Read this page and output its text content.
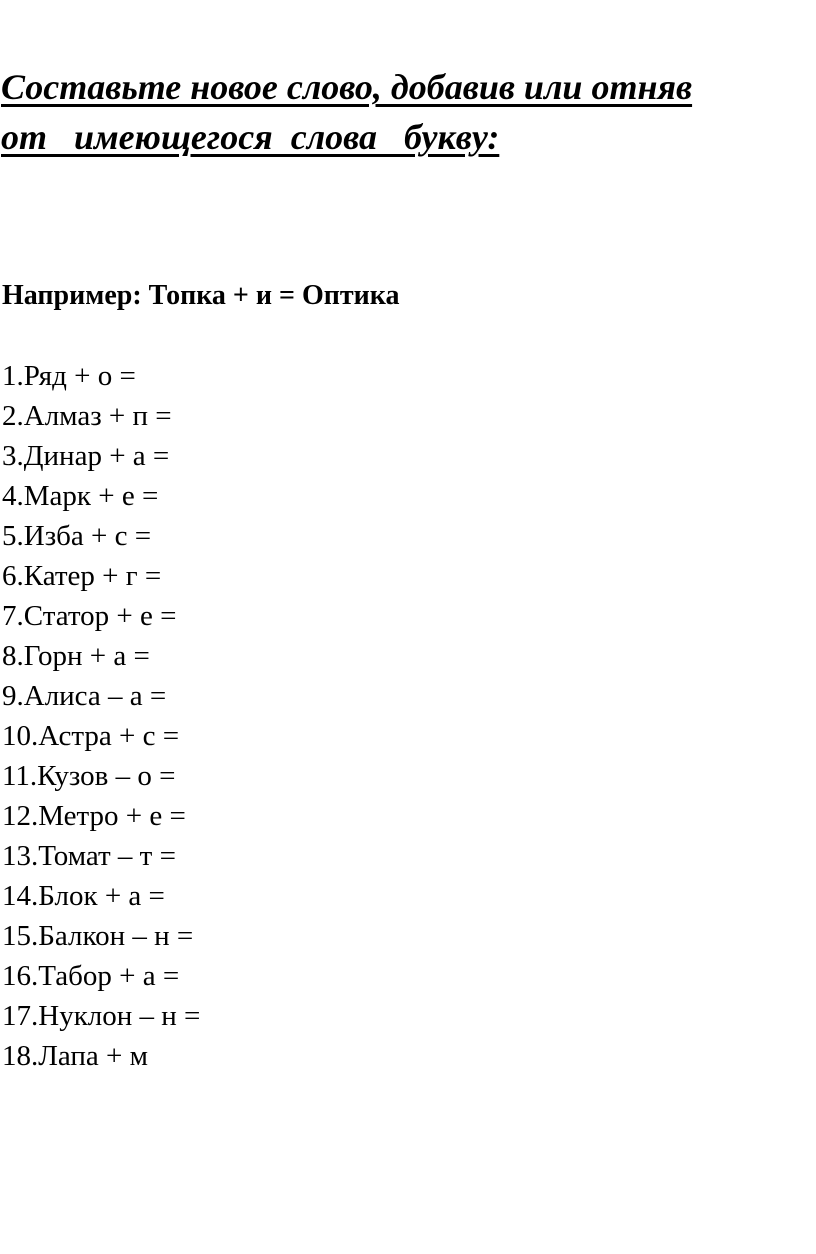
Составьте новое слово, добавив или отняв
от   имеющегося  слова   букву:

Например: Топка + и = Оптика

1.Ряд + о =
2.Алмаз + п =
3.Динар + а =
4.Марк + е =
5.Изба + с =
6.Катер + г =
7.Статор + е =
8.Горн + а =
9.Алиса – а =
10.Астра + с =
11.Кузов – о =
12.Метро + е =
13.Томат – т =
14.Блок + а =
15.Балкон – н =
16.Табор + а =
17.Нуклон – н =
18.Лапа + м
